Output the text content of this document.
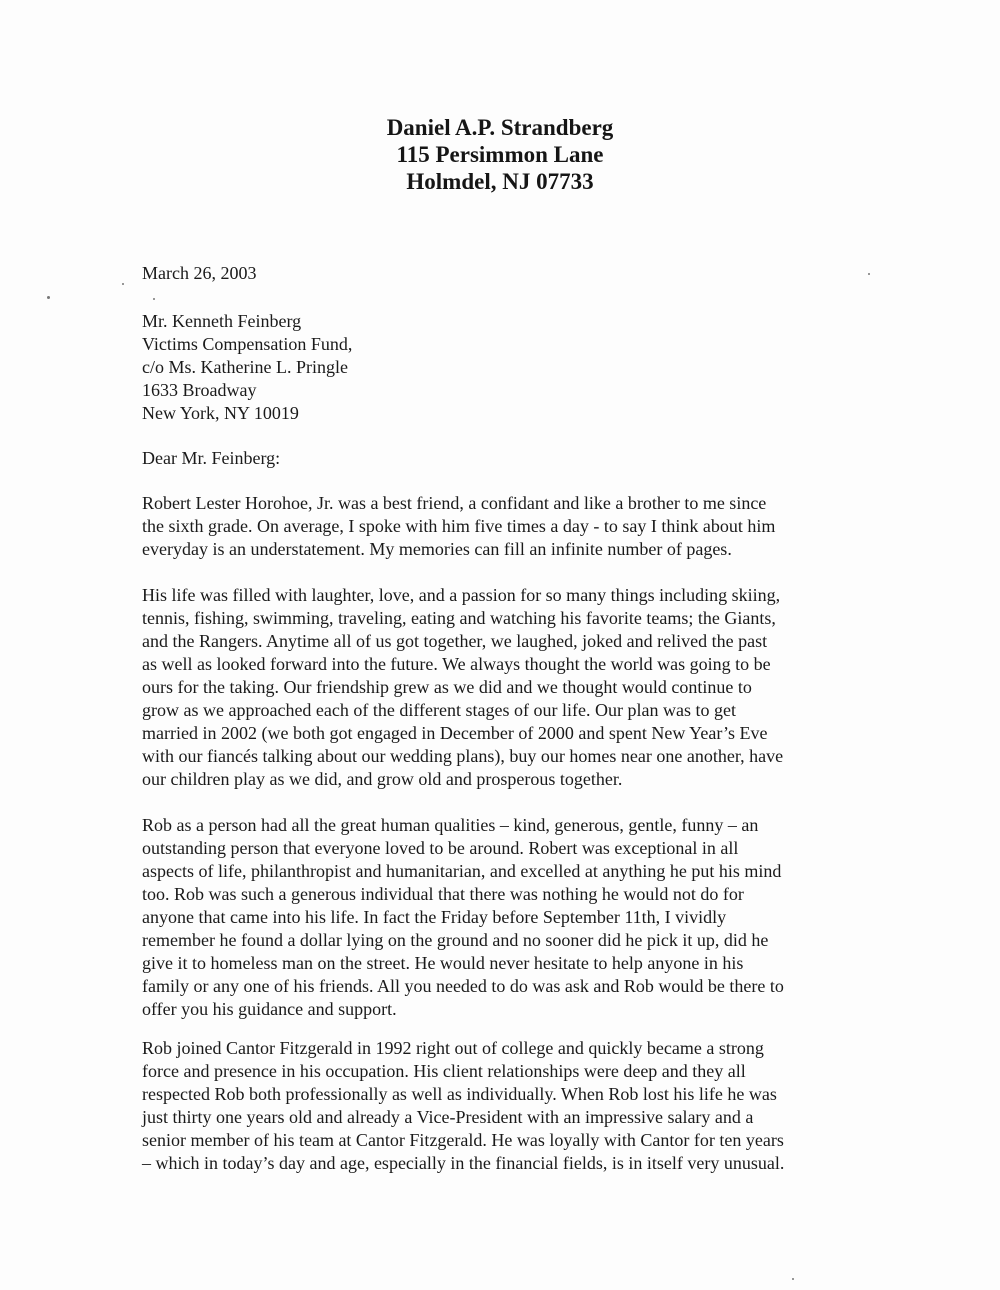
Daniel A.P. Strandberg
115 Persimmon Lane
Holmdel, NJ 07733
March 26, 2003
Mr. Kenneth Feinberg
Victims Compensation Fund,
c/o Ms. Katherine L. Pringle
1633 Broadway
New York, NY 10019
Dear Mr. Feinberg:
Robert Lester Horohoe, Jr. was a best friend, a confidant and like a brother to me since
the sixth grade. On average, I spoke with him five times a day - to say I think about him
everyday is an understatement. My memories can fill an infinite number of pages.
His life was filled with laughter, love, and a passion for so many things including skiing,
tennis, fishing, swimming, traveling, eating and watching his favorite teams; the Giants,
and the Rangers. Anytime all of us got together, we laughed, joked and relived the past
as well as looked forward into the future. We always thought the world was going to be
ours for the taking. Our friendship grew as we did and we thought would continue to
grow as we approached each of the different stages of our life. Our plan was to get
married in 2002 (we both got engaged in December of 2000 and spent New Year’s Eve
with our fiancés talking about our wedding plans), buy our homes near one another, have
our children play as we did, and grow old and prosperous together.
Rob as a person had all the great human qualities – kind, generous, gentle, funny – an
outstanding person that everyone loved to be around. Robert was exceptional in all
aspects of life, philanthropist and humanitarian, and excelled at anything he put his mind
too. Rob was such a generous individual that there was nothing he would not do for
anyone that came into his life. In fact the Friday before September 11th, I vividly
remember he found a dollar lying on the ground and no sooner did he pick it up, did he
give it to homeless man on the street. He would never hesitate to help anyone in his
family or any one of his friends. All you needed to do was ask and Rob would be there to
offer you his guidance and support.
Rob joined Cantor Fitzgerald in 1992 right out of college and quickly became a strong
force and presence in his occupation. His client relationships were deep and they all
respected Rob both professionally as well as individually. When Rob lost his life he was
just thirty one years old and already a Vice-President with an impressive salary and a
senior member of his team at Cantor Fitzgerald. He was loyally with Cantor for ten years
– which in today’s day and age, especially in the financial fields, is in itself very unusual.
